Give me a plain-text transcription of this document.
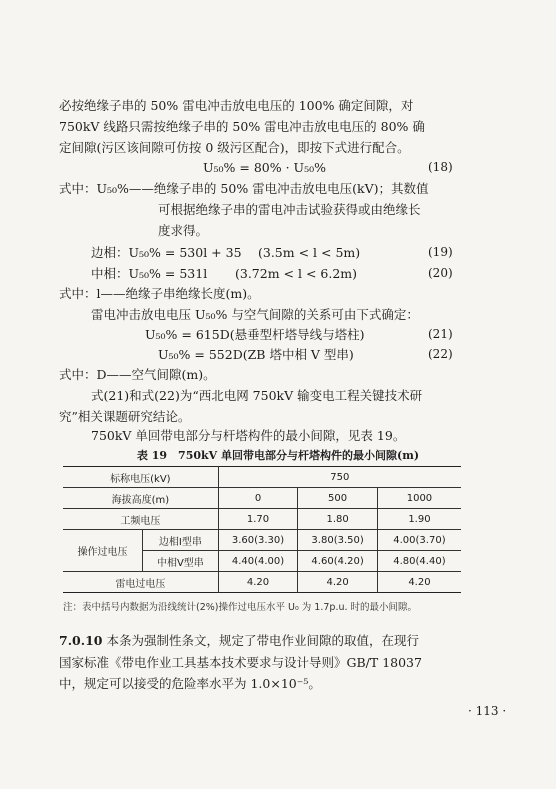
必按绝缘子串的 50% 雷电冲击放电电压的 100% 确定间隙，对
750kV 线路只需按绝缘子串的 50% 雷电冲击放电电压的 80% 确
定间隙(污区该间隙可仿按 0 级污区配合)，即按下式进行配合。
U₅₀% = 80% · U₅₀%	(18)
式中：U₅₀%——绝缘子串的 50% 雷电冲击放电电压(kV)；其数值
可根据绝缘子串的雷电冲击试验获得或由绝缘长
度求得。
边相：U₅₀% = 530l + 35 (3.5m < l < 5m)	(19)
中相：U₅₀% = 531l (3.72m < l < 6.2m)	(20)
式中：l——绝缘子串绝缘长度(m)。
雷电冲击放电电压 U₅₀% 与空气间隙的关系可由下式确定：
U₅₀% = 615D(悬垂型杆塔导线与塔柱)	(21)
U₅₀% = 552D(ZB 塔中相 V 型串)	(22)
式中：D——空气间隙(m)。
式(21)和式(22)为“西北电网 750kV 输变电工程关键技术研
究”相关课题研究结论。
750kV 单回带电部分与杆塔构件的最小间隙，见表 19。
表 19　750kV 单回带电部分与杆塔构件的最小间隙(m)
标称电压(kV)		750		
海拔高度(m)		0	500	1000
工频电压		1.70	1.80	1.90
操作过电压	边相Ⅰ型串	3.60(3.30)	3.80(3.50)	4.00(3.70)
	中相Ⅴ型串	4.40(4.00)	4.60(4.20)	4.80(4.40)
雷电过电压		4.20	4.20	4.20
注：表中括号内数据为沿线统计(2%)操作过电压水平 U₀ 为 1.7p.u. 时的最小间隙。
7.0.10 本条为强制性条文，规定了带电作业间隙的取值，在现行
国家标准《带电作业工具基本技术要求与设计导则》GB/T 18037
中，规定可以接受的危险率水平为 1.0×10⁻⁵。
· 113 ·
